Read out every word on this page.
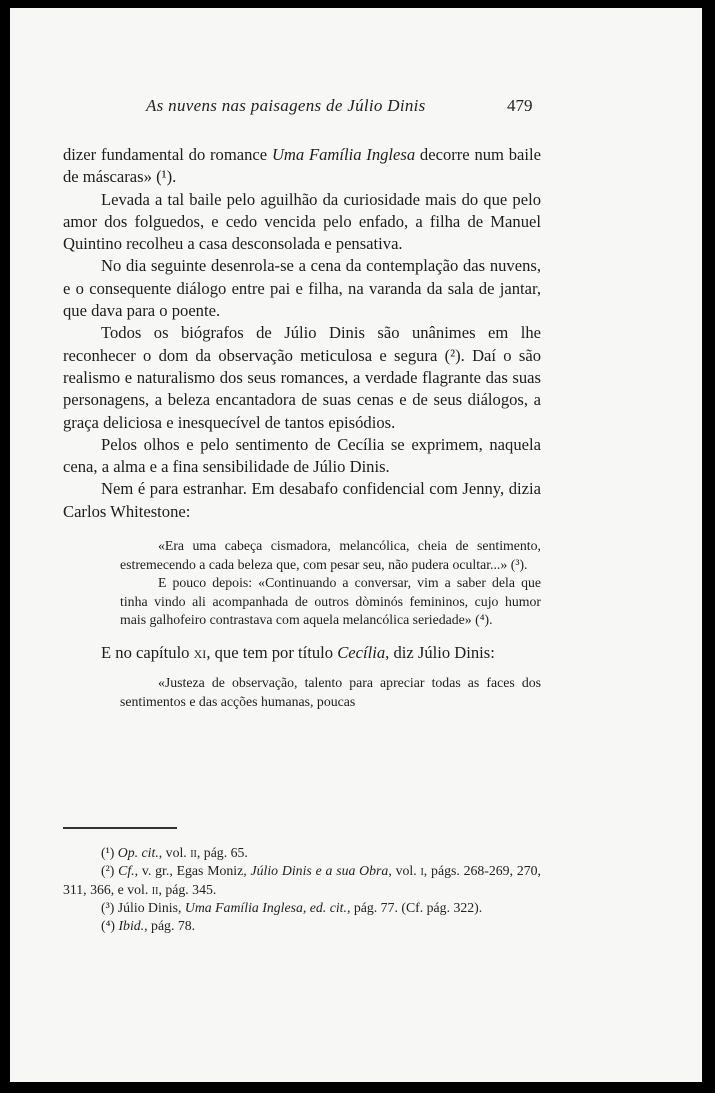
As nuvens nas paisagens de Júlio Dinis	479

dizer fundamental do romance Uma Família Inglesa decorre num baile de máscaras» (¹).

Levada a tal baile pelo aguilhão da curiosidade mais do que pelo amor dos folguedos, e cedo vencida pelo enfado, a filha de Manuel Quintino recolheu a casa desconsolada e pensativa.

No dia seguinte desenrola-se a cena da contemplação das nuvens, e o consequente diálogo entre pai e filha, na varanda da sala de jantar, que dava para o poente.

Todos os biógrafos de Júlio Dinis são unânimes em lhe reconhecer o dom da observação meticulosa e segura (²). Daí o são realismo e naturalismo dos seus romances, a verdade flagrante das suas personagens, a beleza encantadora de suas cenas e de seus diálogos, a graça deliciosa e inesquecível de tantos episódios.

Pelos olhos e pelo sentimento de Cecília se exprimem, naquela cena, a alma e a fina sensibilidade de Júlio Dinis.

Nem é para estranhar. Em desabafo confidencial com Jenny, dizia Carlos Whitestone:

«Era uma cabeça cismadora, melancólica, cheia de sentimento, estremecendo a cada beleza que, com pesar seu, não pudera ocultar...» (³).

E pouco depois: «Continuando a conversar, vim a saber dela que tinha vindo ali acompanhada de outros dòminós femininos, cujo humor mais galhofeiro contrastava com aquela melancólica seriedade» (⁴).

E no capítulo xi, que tem por título Cecília, diz Júlio Dinis:

«Justeza de observação, talento para apreciar todas as faces dos sentimentos e das acções humanas, poucas

(¹) Op. cit., vol. ii, pág. 65.

(²) Cf., v. gr., Egas Moniz, Júlio Dinis e a sua Obra, vol. i, págs. 268-269, 270, 311, 366, e vol. ii, pág. 345.

(³) Júlio Dinis, Uma Família Inglesa, ed. cit., pág. 77. (Cf. pág. 322).

(⁴) Ibid., pág. 78.
